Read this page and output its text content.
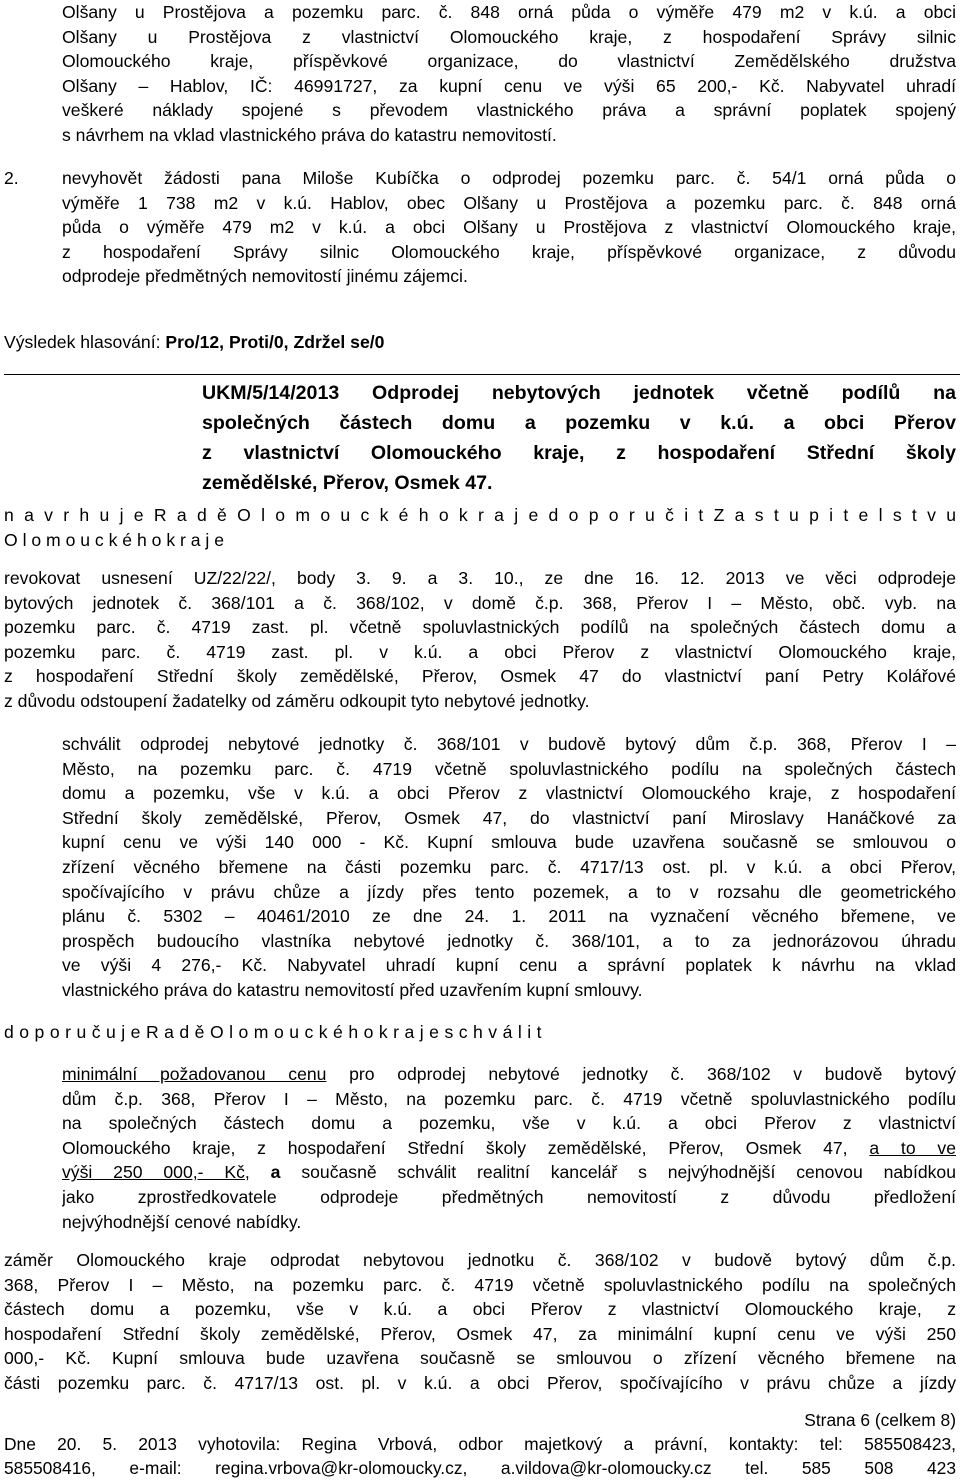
Olšany u Prostějova a pozemku parc. č. 848 orná půda o výměře 479 m2 v k.ú. a obci
Olšany u Prostějova z vlastnictví Olomouckého kraje, z hospodaření Správy silnic
Olomouckého kraje, příspěvkové organizace, do vlastnictví Zemědělského družstva
Olšany – Hablov, IČ: 46991727, za kupní cenu ve výši 65 200,- Kč. Nabyvatel uhradí
veškeré náklady spojené s převodem vlastnického práva a správní poplatek spojený
s návrhem na vklad vlastnického práva do katastru nemovitostí.
2.	nevyhovět žádosti pana Miloše Kubíčka o odprodej pozemku parc. č. 54/1 orná půda o
výměře 1 738 m2 v k.ú. Hablov, obec Olšany u Prostějova a pozemku parc. č. 848 orná
půda o výměře 479 m2 v k.ú. a obci Olšany u Prostějova z vlastnictví Olomouckého kraje,
z hospodaření Správy silnic Olomouckého kraje, příspěvkové organizace, z důvodu
odprodeje předmětných nemovitostí jinému zájemci.
Výsledek hlasování: Pro/12, Proti/0, Zdržel se/0
UKM/5/14/2013 Odprodej nebytových jednotek včetně podílů na
společných částech domu a pozemku v k.ú. a obci Přerov
z vlastnictví Olomouckého kraje, z hospodaření Střední školy
zemědělské, Přerov, Osmek 47.
n a v r h u j e R a d ě O l o m o u c k é h o k r a j e d o p o r u č i t Z a s t u p i t e l s t v u
O l o m o u c k é h o k r a j e
revokovat usnesení UZ/22/22/, body 3. 9. a 3. 10., ze dne 16. 12. 2013 ve věci odprodeje
bytových jednotek č. 368/101 a č. 368/102, v domě č.p. 368, Přerov I – Město, obč. vyb. na
pozemku parc. č. 4719 zast. pl. včetně spoluvlastnických podílů na společných částech domu a
pozemku parc. č. 4719 zast. pl. v k.ú. a obci Přerov z vlastnictví Olomouckého kraje,
z hospodaření Střední školy zemědělské, Přerov, Osmek 47 do vlastnictví paní Petry Kolářové
z důvodu odstoupení žadatelky od záměru odkoupit tyto nebytové jednotky.
schválit odprodej nebytové jednotky č. 368/101 v budově bytový dům č.p. 368, Přerov I –
Město, na pozemku parc. č. 4719 včetně spoluvlastnického podílu na společných částech
domu a pozemku, vše v k.ú. a obci Přerov z vlastnictví Olomouckého kraje, z hospodaření
Střední školy zemědělské, Přerov, Osmek 47, do vlastnictví paní Miroslavy Hanáčkové za
kupní cenu ve výši 140 000 - Kč. Kupní smlouva bude uzavřena současně se smlouvou o
zřízení věcného břemene na části pozemku parc. č. 4717/13 ost. pl. v k.ú. a obci Přerov,
spočívajícího v právu chůze a jízdy přes tento pozemek, a to v rozsahu dle geometrického
plánu č. 5302 – 40461/2010 ze dne 24. 1. 2011 na vyznačení věcného břemene, ve
prospěch budoucího vlastníka nebytové jednotky č. 368/101, a to za jednorázovou úhradu
ve výši 4 276,- Kč. Nabyvatel uhradí kupní cenu a správní poplatek k návrhu na vklad
vlastnického práva do katastru nemovitostí před uzavřením kupní smlouvy.
d o p o r u č u j e R a d ě O l o m o u c k é h o k r a j e s c h v á l i t
minimální požadovanou cenu pro odprodej nebytové jednotky č. 368/102 v budově bytový
dům č.p. 368, Přerov I – Město, na pozemku parc. č. 4719 včetně spoluvlastnického podílu
na společných částech domu a pozemku, vše v k.ú. a obci Přerov z vlastnictví
Olomouckého kraje, z hospodaření Střední školy zemědělské, Přerov, Osmek 47, a to ve
výši 250 000,- Kč, a současně schválit realitní kancelář s nejvýhodnější cenovou nabídkou
jako zprostředkovatele odprodeje předmětných nemovitostí z důvodu předložení
nejvýhodnější cenové nabídky.
záměr Olomouckého kraje odprodat nebytovou jednotku č. 368/102 v budově bytový dům č.p.
368, Přerov I – Město, na pozemku parc. č. 4719 včetně spoluvlastnického podílu na společných
částech domu a pozemku, vše v k.ú. a obci Přerov z vlastnictví Olomouckého kraje, z
hospodaření Střední školy zemědělské, Přerov, Osmek 47, za minimální kupní cenu ve výši 250
000,- Kč. Kupní smlouva bude uzavřena současně se smlouvou o zřízení věcného břemene na
části pozemku parc. č. 4717/13 ost. pl. v k.ú. a obci Přerov, spočívajícího v právu chůze a jízdy
Strana 6 (celkem 8)
Dne 20. 5. 2013 vyhotovila: Regina Vrbová, odbor majetkový a právní, kontakty: tel: 585508423,
585508416, e-mail: regina.vrbova@kr-olomoucky.cz, a.vildova@kr-olomoucky.cz tel. 585 508 423
